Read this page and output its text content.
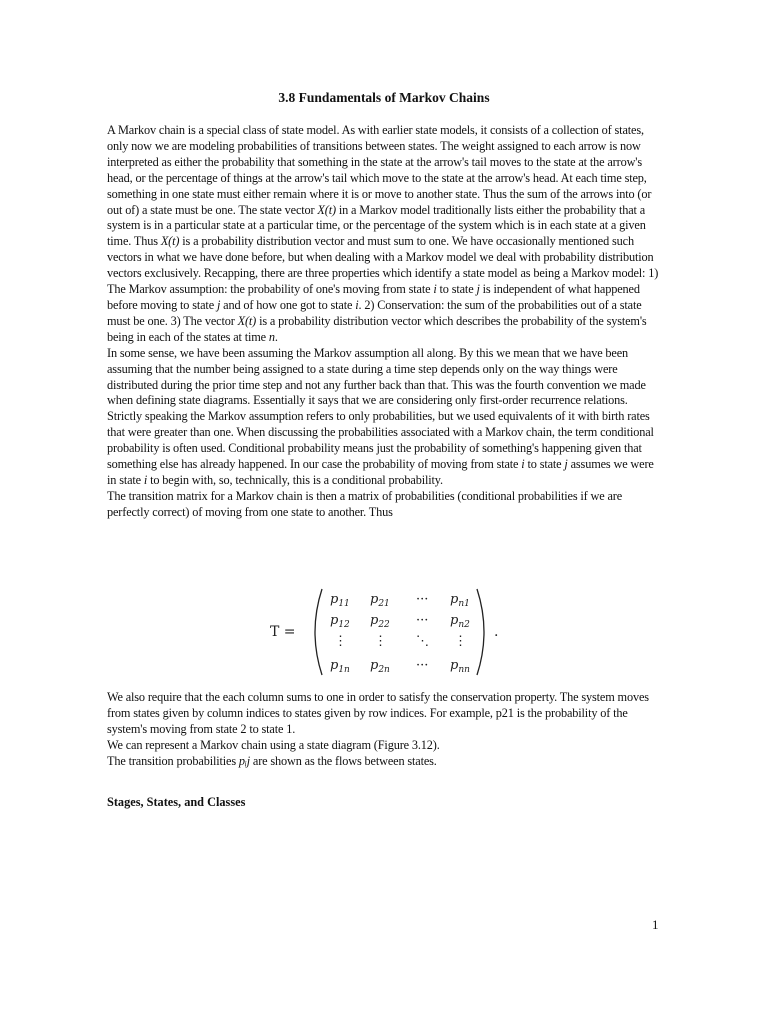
3.8 Fundamentals of Markov Chains

A Markov chain is a special class of state model. As with earlier state models, it consists of a collection of states, only now we are modeling probabilities of transitions between states. The weight assigned to each arrow is now interpreted as either the probability that something in the state at the arrow's tail moves to the state at the arrow's head, or the percentage of things at the arrow's tail which move to the state at the arrow's head. At each time step, something in one state must either remain where it is or move to another state. Thus the sum of the arrows into (or out of) a state must be one. The state vector X(t) in a Markov model traditionally lists either the probability that a system is in a particular state at a particular time, or the percentage of the system which is in each state at a given time. Thus X(t) is a probability distribution vector and must sum to one. We have occasionally mentioned such vectors in what we have done before, but when dealing with a Markov model we deal with probability distribution vectors exclusively. Recapping, there are three properties which identify a state model as being a Markov model: 1) The Markov assumption: the probability of one's moving from state i to state j is independent of what happened before moving to state j and of how one got to state i. 2) Conservation: the sum of the probabilities out of a state must be one. 3) The vector X(t) is a probability distribution vector which describes the probability of the system's being in each of the states at time n.

In some sense, we have been assuming the Markov assumption all along. By this we mean that we have been assuming that the number being assigned to a state during a time step depends only on the way things were distributed during the prior time step and not any further back than that. This was the fourth convention we made when defining state diagrams. Essentially it says that we are considering only first-order recurrence relations. Strictly speaking the Markov assumption refers to only probabilities, but we used equivalents of it with birth rates that were greater than one. When discussing the probabilities associated with a Markov chain, the term conditional probability is often used. Conditional probability means just the probability of something's happening given that something else has already happened. In our case the probability of moving from state i to state j assumes we were in state i to begin with, so, technically, this is a conditional probability.

The transition matrix for a Markov chain is then a matrix of probabilities (conditional probabilities if we are perfectly correct) of moving from one state to another. Thus

T =	.
$p_{11}$ $p_{21}$ ··· $p_{n1}$
$p_{12}$ $p_{22}$ ··· $p_{n2}$
⋮ ⋮ ⋱ ⋮
$p_{1n}$ $p_{2n}$ ··· $p_{nn}$

We also require that the each column sums to one in order to satisfy the conservation property. The system moves from states given by column indices to states given by row indices. For example, p21 is the probability of the system's moving from state 2 to state 1.

We can represent a Markov chain using a state diagram (Figure 3.12).

The transition probabilities pᵢj are shown as the flows between states.

Stages, States, and Classes
1
